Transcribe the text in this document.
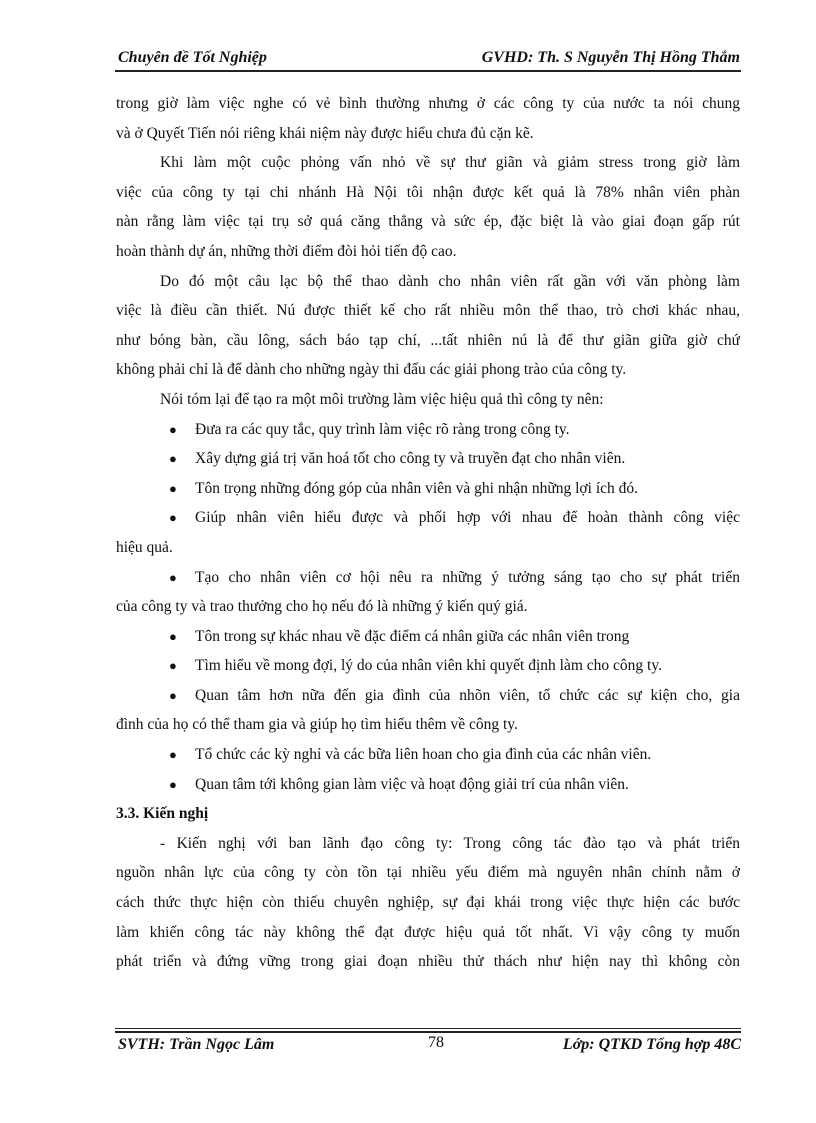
Chuyên đề Tốt Nghiệp	GVHD: Th. S Nguyễn Thị Hồng Thắm
trong giờ làm việc nghe có vẻ bình thường nhưng ở các công ty của nước ta nói chung
và ở Quyết Tiến nói riêng khái niệm này được hiểu chưa đủ cặn kẽ.
Khi làm một cuộc phỏng vấn nhỏ về sự thư giãn và giảm stress trong giờ làm
việc của công ty tại chi nhánh Hà Nội tôi nhận được kết quả là 78% nhân viên phàn
nàn rằng làm việc tại trụ sở quá căng thẳng và sức ép, đặc biệt là vào giai đoạn gấp rút
hoàn thành dự án, những thời điểm đòi hỏi tiến độ cao.
Do đó một câu lạc bộ thể thao dành cho nhân viên rất gần với văn phòng làm
việc là điều cần thiết. Nú được thiết kế cho rất nhiều môn thể thao, trò chơi khác nhau,
như bóng bàn, cầu lông, sách báo tạp chí, ...tất nhiên nú là để thư giãn giữa giờ chứ
không phải chỉ là để dành cho những ngày thi đấu các giải phong trào của công ty.
Nói tóm lại để tạo ra một môi trường làm việc hiệu quả thì công ty nên:
● Đưa ra các quy tắc, quy trình làm việc rõ ràng trong công ty.
● Xây dựng giá trị văn hoá tốt cho công ty và truyền đạt cho nhân viên.
● Tôn trọng những đóng góp của nhân viên và ghi nhận những lợi ích đó.
● Giúp nhân viên hiểu được và phối hợp với nhau để hoàn thành công việc
hiệu quả.
● Tạo cho nhân viên cơ hội nêu ra những ý tưởng sáng tạo cho sự phát triển
của công ty và trao thưởng cho họ nếu đó là những ý kiến quý giá.
● Tôn trong sự khác nhau về đặc điểm cá nhân giữa các nhân viên trong
● Tìm hiểu về mong đợi, lý do của nhân viên khi quyết định làm cho công ty.
● Quan tâm hơn nữa đến gia đình của nhõn viên, tổ chức các sự kiện cho, gia
đình của họ có thể tham gia và giúp họ tìm hiểu thêm về công ty.
● Tổ chức các kỳ nghỉ và các bữa liên hoan cho gia đình của các nhân viên.
● Quan tâm tới không gian làm việc và hoạt động giải trí của nhân viên.
3.3. Kiến nghị
- Kiến nghị với ban lãnh đạo công ty: Trong công tác đào tạo và phát triển
nguồn nhân lực của công ty còn tồn tại nhiều yếu điểm mà nguyên nhân chính nằm ở
cách thức thực hiện còn thiếu chuyên nghiệp, sự đại khái trong việc thực hiện các bước
làm khiến công tác này không thể đạt được hiệu quả tốt nhất. Vì vậy công ty muốn
phát triển và đứng vững trong giai đoạn nhiều thử thách như hiện nay thì không còn
SVTH: Trần Ngọc Lâm	78	Lớp: QTKD Tổng hợp 48C
